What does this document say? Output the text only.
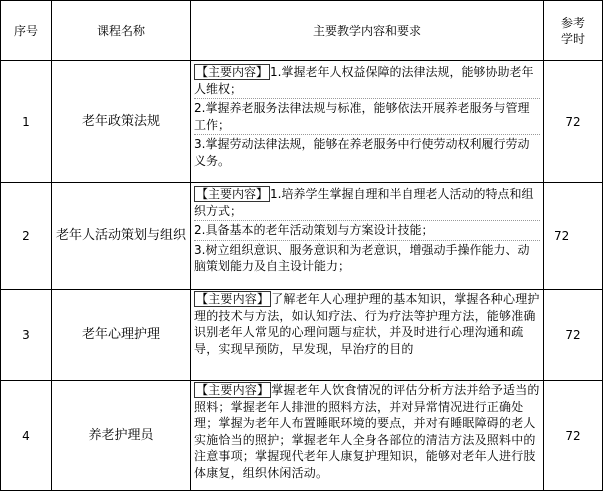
序号	课程名称	主要教学内容和要求
参考
学时
1	老年政策法规

【主要内容】 1.掌握老年人权益保障的法律法规，能够协助老年人维权；

2.掌握养老服务法律法规与标准，能够依法开展养老服务与管理工作；

3.掌握劳动法律法规，能够在养老服务中行使劳动权利履行劳动义务。

72
2	老年人活动策划与组织

【主要内容】 1.培养学生掌握自理和半自理老人活动的特点和组织方式；

2.具备基本的老年活动策划与方案设计技能；

3.树立组织意识、服务意识和为老意识，增强动手操作能力、动脑策划能力及自主设计能力；

72
3	老年心理护理

【主要内容】 了解老年人心理护理的基本知识，掌握各种心理护理的技术与方法，如认知疗法、行为疗法等护理方法，能够准确识别老年人常见的心理问题与症状，并及时进行心理沟通和疏导，实现早预防，早发现，早治疗的目的

72
4	养老护理员

【主要内容】 掌握老年人饮食情况的评估分析方法并给予适当的照料；掌握老年人排泄的照料方法，并对异常情况进行正确处理；掌握为老年人布置睡眠环境的要点，并对有睡眠障碍的老人实施恰当的照护；掌握老年人全身各部位的清洁方法及照料中的注意事项；掌握现代老年人康复护理知识，能够对老年人进行肢体康复，组织休闲活动。

72
